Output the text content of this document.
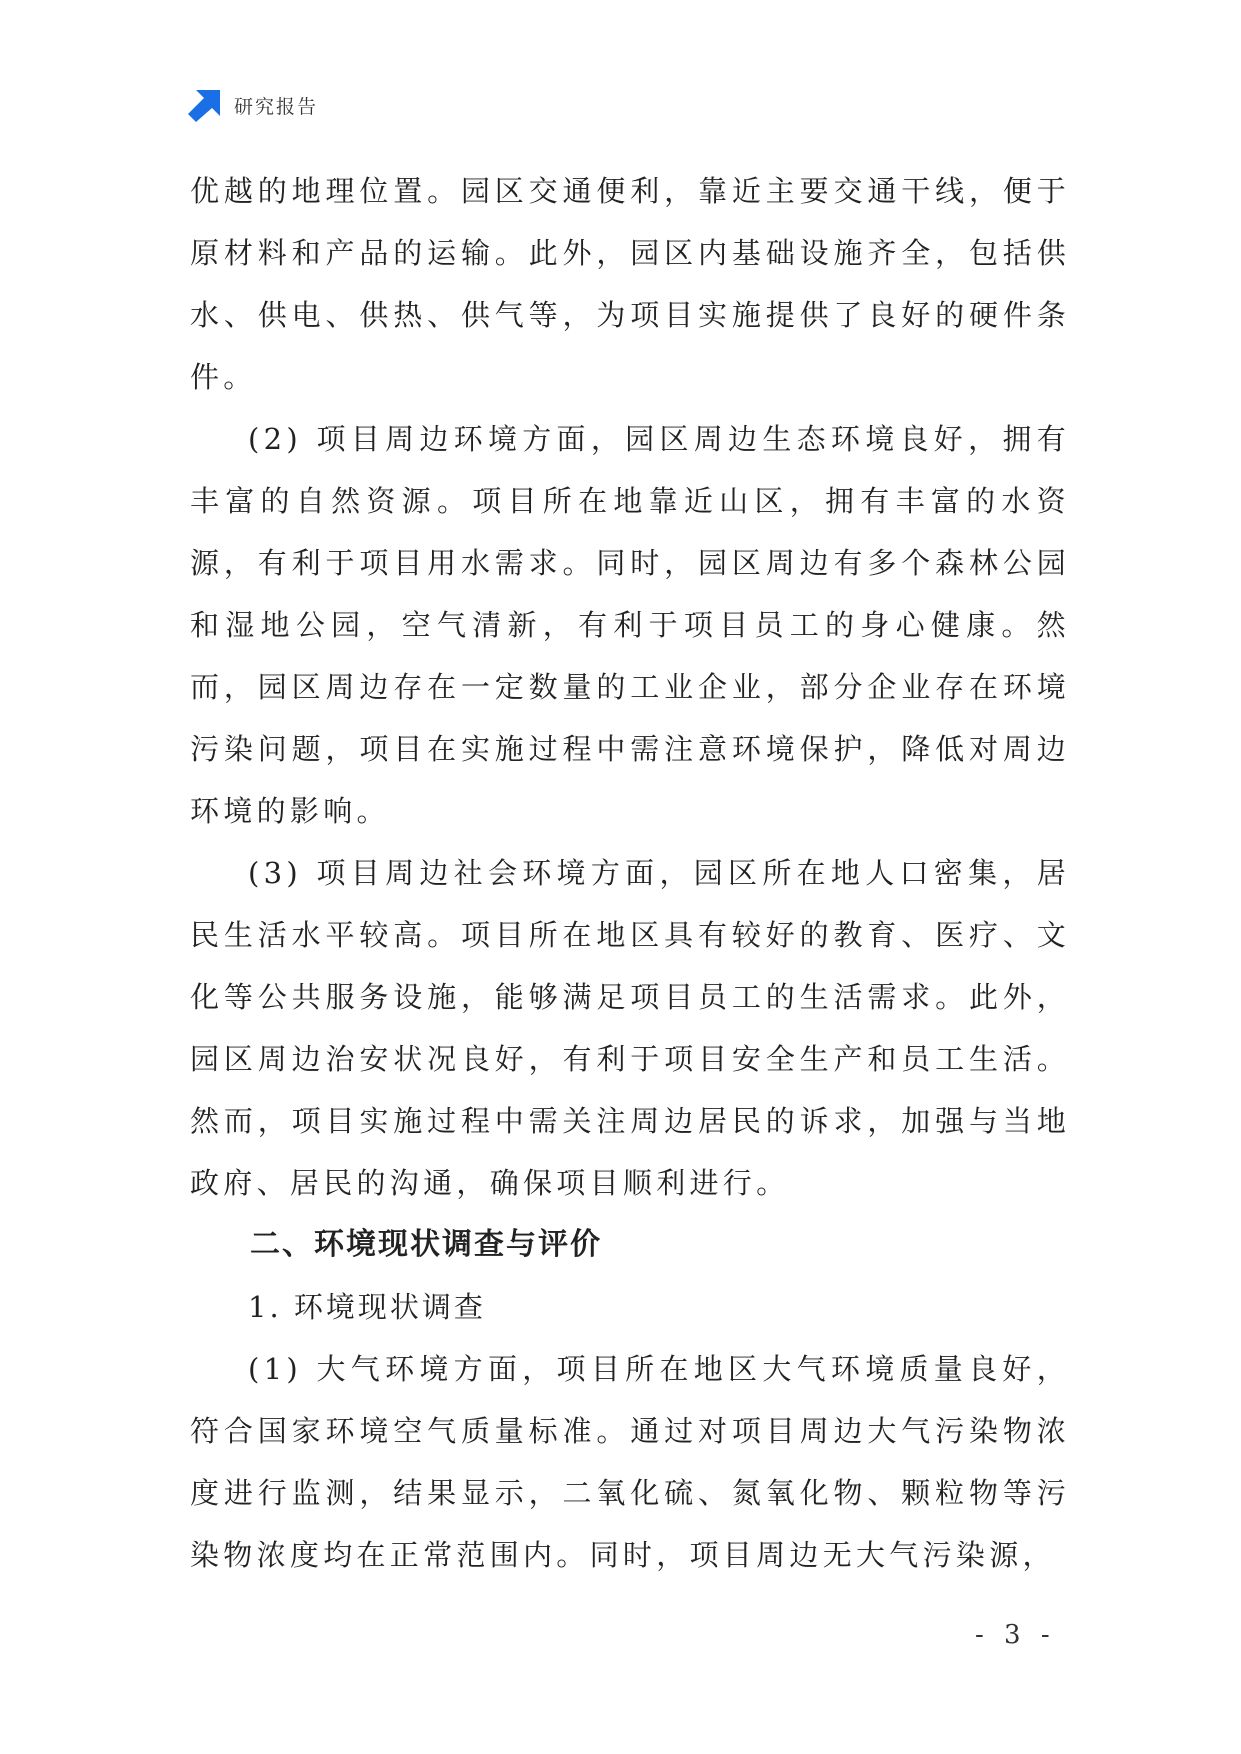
研究报告

优越的地理位置。园区交通便利，靠近主要交通干线，便于原材料和产品的运输。此外，园区内基础设施齐全，包括供水、供电、供热、供气等，为项目实施提供了良好的硬件条件。

(2) 项目周边环境方面，园区周边生态环境良好，拥有丰富的自然资源。项目所在地靠近山区，拥有丰富的水资源，有利于项目用水需求。同时，园区周边有多个森林公园和湿地公园，空气清新，有利于项目员工的身心健康。然而，园区周边存在一定数量的工业企业，部分企业存在环境污染问题，项目在实施过程中需注意环境保护，降低对周边环境的影响。

(3) 项目周边社会环境方面，园区所在地人口密集，居民生活水平较高。项目所在地区具有较好的教育、医疗、文化等公共服务设施，能够满足项目员工的生活需求。此外，园区周边治安状况良好，有利于项目安全生产和员工生活。然而，项目实施过程中需关注周边居民的诉求，加强与当地政府、居民的沟通，确保项目顺利进行。

二、环境现状调查与评价
1. 环境现状调查

(1) 大气环境方面，项目所在地区大气环境质量良好，符合国家环境空气质量标准。通过对项目周边大气污染物浓度进行监测，结果显示，二氧化硫、氮氧化物、颗粒物等污染物浓度均在正常范围内。同时，项目周边无大气污染源，

- 3 -
